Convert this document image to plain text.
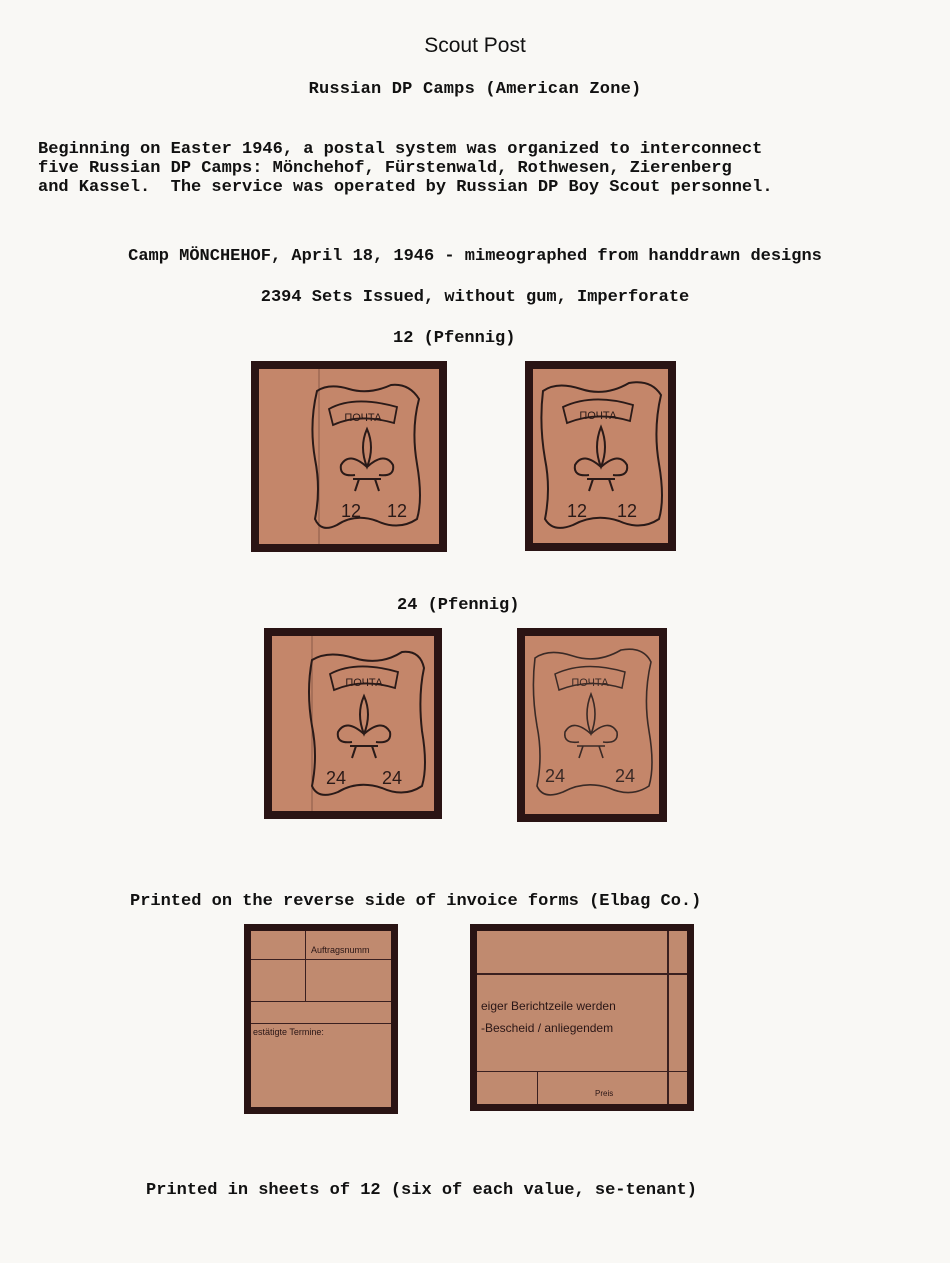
Scout Post
Russian DP Camps (American Zone)
Beginning on Easter 1946, a postal system was organized to interconnect
five Russian DP Camps: Mönchehof, Fürstenwald, Rothwesen, Zierenberg
and Kassel.  The service was operated by Russian DP Boy Scout personnel.
Camp MÖNCHEHOF, April 18, 1946 - mimeographed from handdrawn designs
2394 Sets Issued, without gum, Imperforate
12 (Pfennig)
ПОЧТА
12 12
ПОЧТА
12 12
24 (Pfennig)
ПОЧТА
24 24
ПОЧТА
24	24
Printed on the reverse side of invoice forms (Elbag Co.)
Auftragsnumm
estätigte Termine:
eiger Berichtzeile werden
-Bescheid / anliegendem
Preis
Printed in sheets of 12 (six of each value, se-tenant)
